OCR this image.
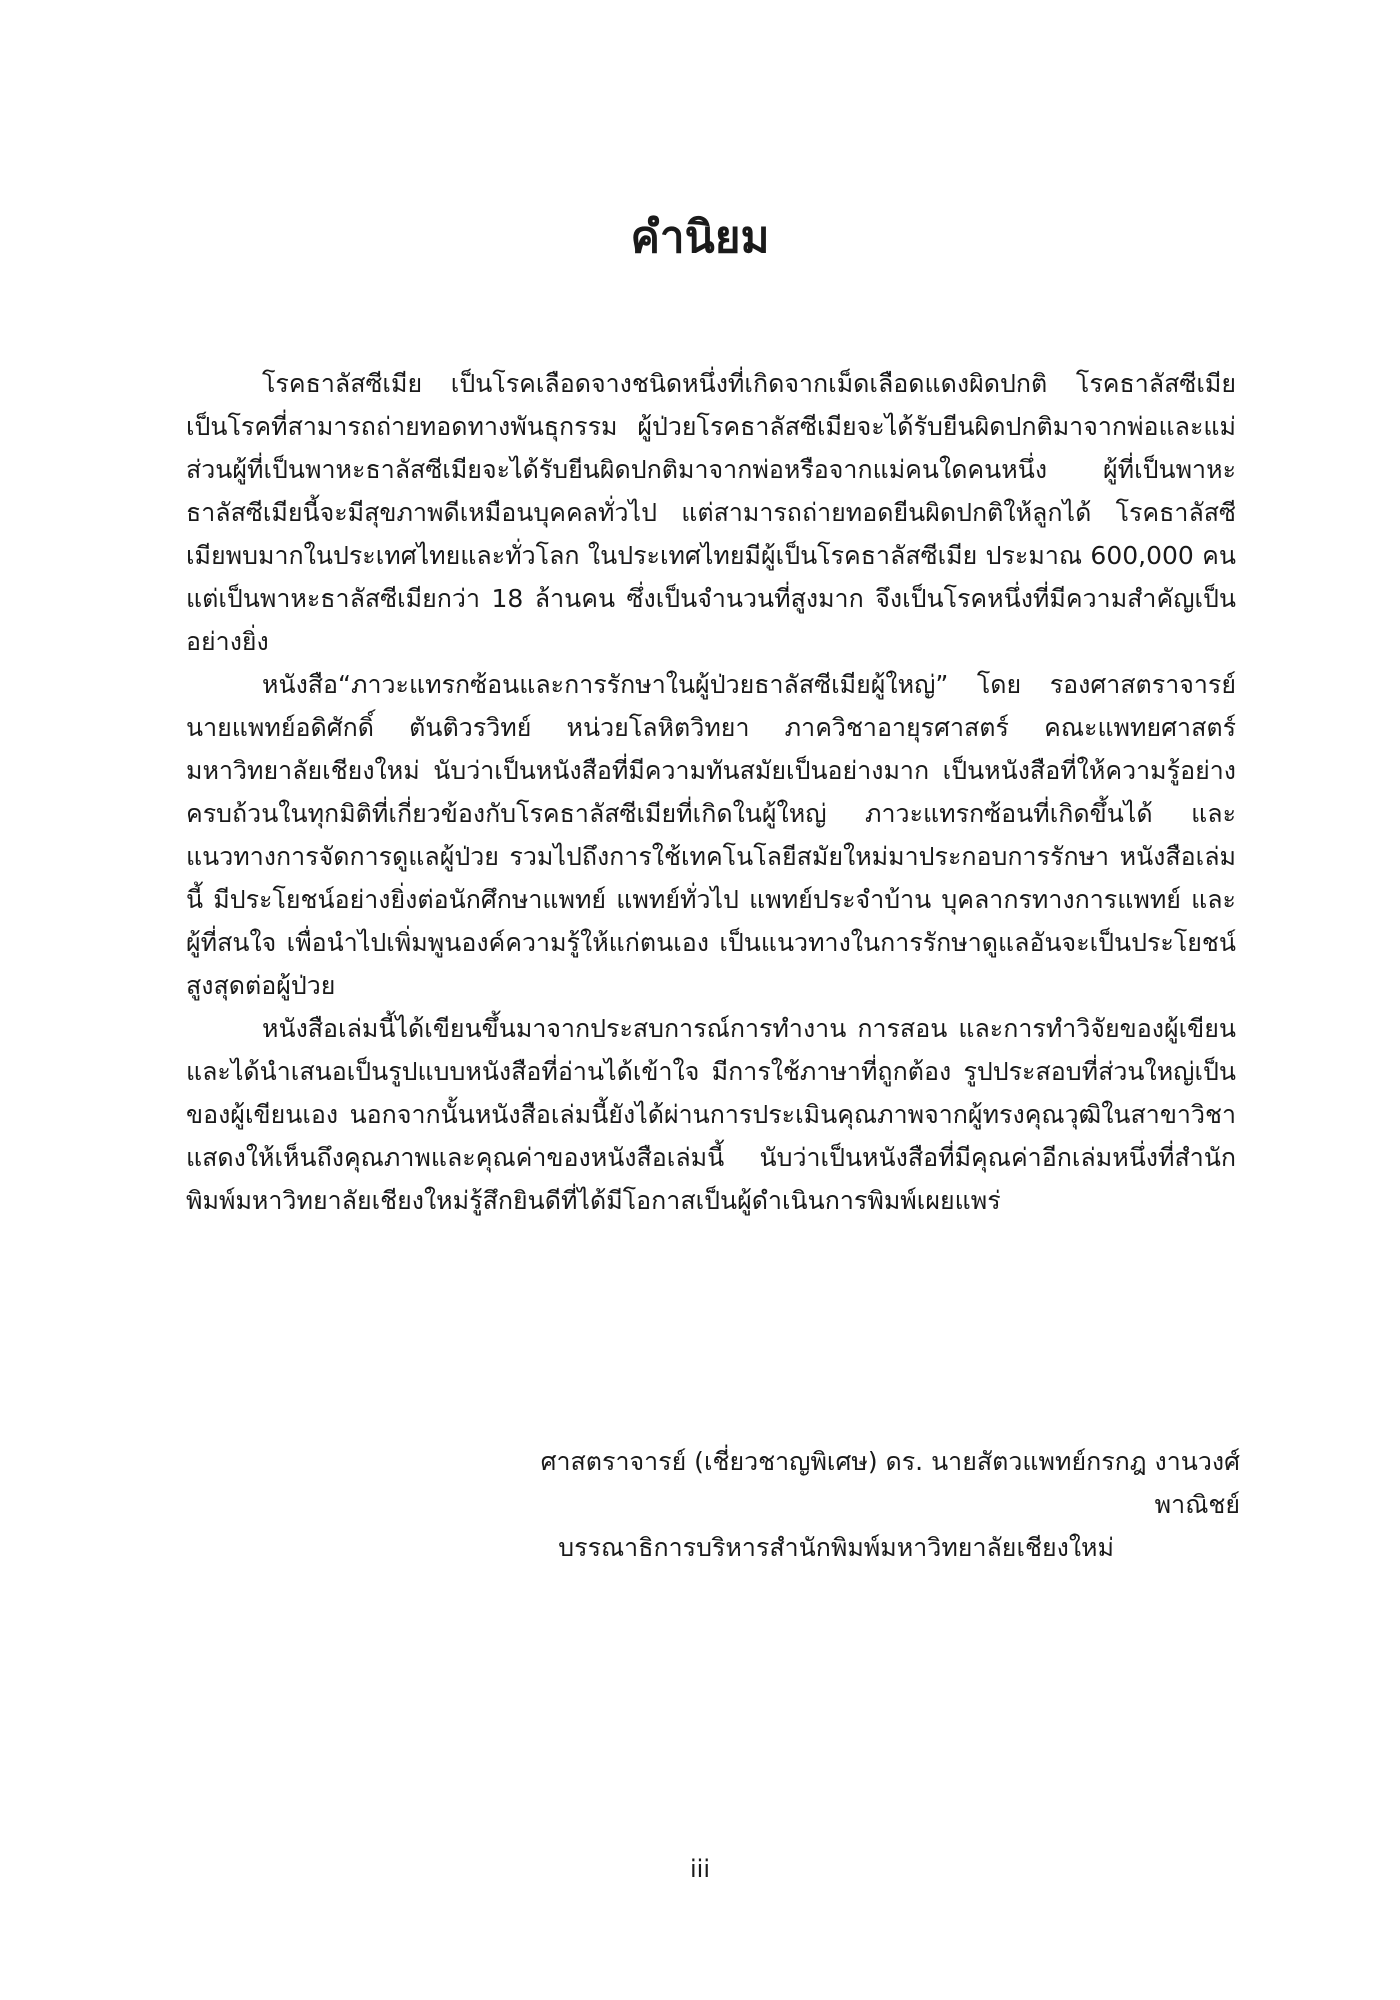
คำนิยม

โรคธาลัสซีเมีย เป็นโรคเลือดจางชนิดหนึ่งที่เกิดจากเม็ดเลือดแดงผิดปกติ โรคธาลัสซีเมียเป็นโรคที่สามารถถ่ายทอดทางพันธุกรรม ผู้ป่วยโรคธาลัสซีเมียจะได้รับยีนผิดปกติมาจากพ่อและแม่ ส่วนผู้ที่เป็นพาหะธาลัสซีเมียจะได้รับยีนผิดปกติมาจากพ่อหรือจากแม่คนใดคนหนึ่ง ผู้ที่เป็นพาหะธาลัสซีเมียนี้จะมีสุขภาพดีเหมือนบุคคลทั่วไป แต่สามารถถ่ายทอดยีนผิดปกติให้ลูกได้ โรคธาลัสซีเมียพบมากในประเทศไทยและทั่วโลก ในประเทศไทยมีผู้เป็นโรคธาลัสซีเมีย ประมาณ 600,000 คน แต่เป็นพาหะธาลัสซีเมียกว่า 18 ล้านคน ซึ่งเป็นจำนวนที่สูงมาก จึงเป็นโรคหนึ่งที่มีความสำคัญเป็นอย่างยิ่ง

หนังสือ“ภาวะแทรกซ้อนและการรักษาในผู้ป่วยธาลัสซีเมียผู้ใหญ่” โดย รองศาสตราจารย์นายแพทย์อดิศักดิ์ ตันติวรวิทย์ หน่วยโลหิตวิทยา ภาควิชาอายุรศาสตร์ คณะแพทยศาสตร์ มหาวิทยาลัยเชียงใหม่ นับว่าเป็นหนังสือที่มีความทันสมัยเป็นอย่างมาก เป็นหนังสือที่ให้ความรู้อย่างครบถ้วนในทุกมิติที่เกี่ยวข้องกับโรคธาลัสซีเมียที่เกิดในผู้ใหญ่ ภาวะแทรกซ้อนที่เกิดขึ้นได้ และแนวทางการจัดการดูแลผู้ป่วย รวมไปถึงการใช้เทคโนโลยีสมัยใหม่มาประกอบการรักษา หนังสือเล่มนี้ มีประโยชน์อย่างยิ่งต่อนักศึกษาแพทย์ แพทย์ทั่วไป แพทย์ประจำบ้าน บุคลากรทางการแพทย์ และผู้ที่สนใจ เพื่อนำไปเพิ่มพูนองค์ความรู้ให้แก่ตนเอง เป็นแนวทางในการรักษาดูแลอันจะเป็นประโยชน์สูงสุดต่อผู้ป่วย

หนังสือเล่มนี้ได้เขียนขึ้นมาจากประสบการณ์การทำงาน การสอน และการทำวิจัยของผู้เขียน และได้นำเสนอเป็นรูปแบบหนังสือที่อ่านได้เข้าใจ มีการใช้ภาษาที่ถูกต้อง รูปประสอบที่ส่วนใหญ่เป็นของผู้เขียนเอง นอกจากนั้นหนังสือเล่มนี้ยังได้ผ่านการประเมินคุณภาพจากผู้ทรงคุณวุฒิในสาขาวิชา แสดงให้เห็นถึงคุณภาพและคุณค่าของหนังสือเล่มนี้ นับว่าเป็นหนังสือที่มีคุณค่าอีกเล่มหนึ่งที่สำนักพิมพ์มหาวิทยาลัยเชียงใหม่รู้สึกยินดีที่ได้มีโอกาสเป็นผู้ดำเนินการพิมพ์เผยแพร่

ศาสตราจารย์ (เชี่ยวชาญพิเศษ) ดร. นายสัตวแพทย์กรกฎ งานวงศ์พาณิชย์

บรรณาธิการบริหารสำนักพิมพ์มหาวิทยาลัยเชียงใหม่

iii
